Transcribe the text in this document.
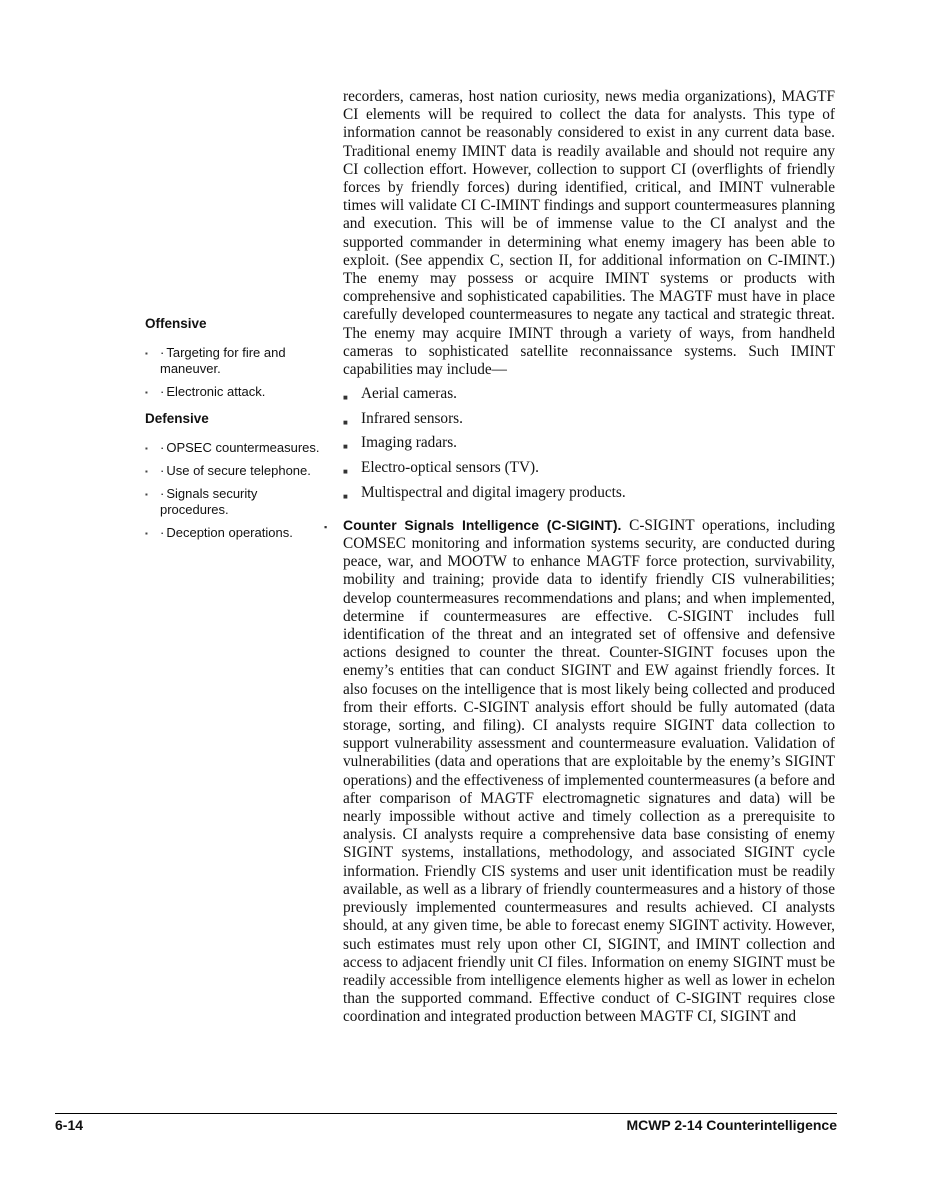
Offensive
▪ · Targeting for fire and maneuver.
▪ · Electronic attack.
Defensive
▪ · OPSEC countermeasures.
▪ · Use of secure telephone.
▪ · Signals security procedures.
▪ · Deception operations.

recorders, cameras, host nation curiosity, news media organizations), MAGTF CI elements will be required to collect the data for analysts. This type of information cannot be reasonably considered to exist in any current data base. Traditional enemy IMINT data is readily available and should not require any CI collection effort. However, collection to support CI (overflights of friendly forces by friendly forces) during identified, critical, and IMINT vulnerable times will validate CI C-IMINT findings and support countermeasures planning and execution. This will be of immense value to the CI analyst and the supported commander in determining what enemy imagery has been able to exploit. (See appendix C, section II, for additional information on C-IMINT.) The enemy may possess or acquire IMINT systems or products with comprehensive and sophisticated capabilities. The MAGTF must have in place carefully developed countermeasures to negate any tactical and strategic threat. The enemy may acquire IMINT through a variety of ways, from handheld cameras to sophisticated satellite reconnaissance systems. Such IMINT capabilities may include—

■ Aerial cameras.
■ Infrared sensors.
■ Imaging radars.
■ Electro-optical sensors (TV).
■ Multispectral and digital imagery products.
▪ Counter Signals Intelligence (C-SIGINT). C-SIGINT operations, including COMSEC monitoring and information systems security, are conducted during peace, war, and MOOTW to enhance MAGTF force protection, survivability, mobility and training; provide data to identify friendly CIS vulnerabilities; develop countermeasures recommendations and plans; and when implemented, determine if countermeasures are effective. C-SIGINT includes full identification of the threat and an integrated set of offensive and defensive actions designed to counter the threat. Counter-SIGINT focuses upon the enemy’s entities that can conduct SIGINT and EW against friendly forces. It also focuses on the intelligence that is most likely being collected and produced from their efforts. C-SIGINT analysis effort should be fully automated (data storage, sorting, and filing). CI analysts require SIGINT data collection to support vulnerability assessment and countermeasure evaluation. Validation of vulnerabilities (data and operations that are exploitable by the enemy’s SIGINT operations) and the effectiveness of implemented countermeasures (a before and after comparison of MAGTF electromagnetic signatures and data) will be nearly impossible without active and timely collection as a prerequisite to analysis. CI analysts require a comprehensive data base consisting of enemy SIGINT systems, installations, methodology, and associated SIGINT cycle information. Friendly CIS systems and user unit identification must be readily available, as well as a library of friendly countermeasures and a history of those previously implemented countermeasures and results achieved. CI analysts should, at any given time, be able to forecast enemy SIGINT activity. However, such estimates must rely upon other CI, SIGINT, and IMINT collection and access to adjacent friendly unit CI files. Information on enemy SIGINT must be readily accessible from intelligence elements higher as well as lower in echelon than the supported command. Effective conduct of C-SIGINT requires close coordination and integrated production between MAGTF CI, SIGINT and

6-14	MCWP 2-14 Counterintelligence
